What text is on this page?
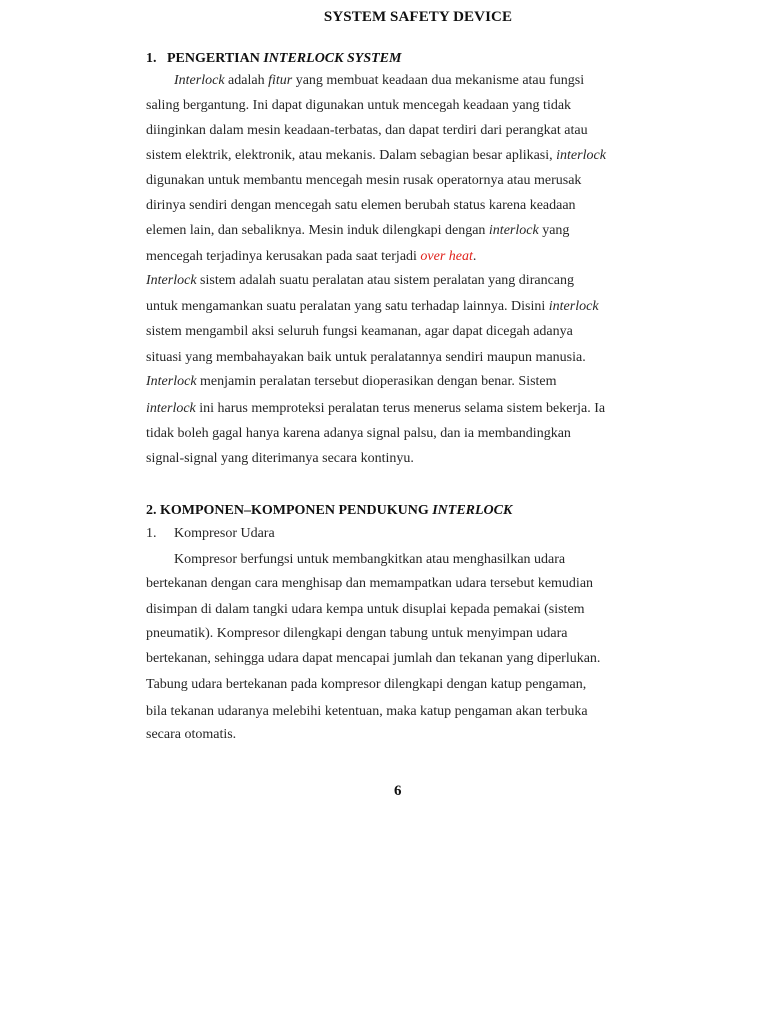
SYSTEM SAFETY DEVICE
1. PENGERTIAN INTERLOCK SYSTEM
Interlock adalah fitur yang membuat keadaan dua mekanisme atau fungsi
saling bergantung. Ini dapat digunakan untuk mencegah keadaan yang tidak
diinginkan dalam mesin keadaan-terbatas, dan dapat terdiri dari perangkat atau
sistem elektrik, elektronik, atau mekanis. Dalam sebagian besar aplikasi, interlock
digunakan untuk membantu mencegah mesin rusak operatornya atau merusak
dirinya sendiri dengan mencegah satu elemen berubah status karena keadaan
elemen lain, dan sebaliknya. Mesin induk dilengkapi dengan interlock yang
mencegah terjadinya kerusakan pada saat terjadi over heat.
Interlock sistem adalah suatu peralatan atau sistem peralatan yang dirancang
untuk mengamankan suatu peralatan yang satu terhadap lainnya. Disini interlock
sistem mengambil aksi seluruh fungsi keamanan, agar dapat dicegah adanya
situasi yang membahayakan baik untuk peralatannya sendiri maupun manusia.
Interlock menjamin peralatan tersebut dioperasikan dengan benar. Sistem
interlock ini harus memproteksi peralatan terus menerus selama sistem bekerja. Ia
tidak boleh gagal hanya karena adanya signal palsu, dan ia membandingkan
signal-signal yang diterimanya secara kontinyu.
2. KOMPONEN–KOMPONEN PENDUKUNG INTERLOCK
1. Kompresor Udara
Kompresor berfungsi untuk membangkitkan atau menghasilkan udara
bertekanan dengan cara menghisap dan memampatkan udara tersebut kemudian
disimpan di dalam tangki udara kempa untuk disuplai kepada pemakai (sistem
pneumatik). Kompresor dilengkapi dengan tabung untuk menyimpan udara
bertekanan, sehingga udara dapat mencapai jumlah dan tekanan yang diperlukan.
Tabung udara bertekanan pada kompresor dilengkapi dengan katup pengaman,
bila tekanan udaranya melebihi ketentuan, maka katup pengaman akan terbuka
secara otomatis.
6
